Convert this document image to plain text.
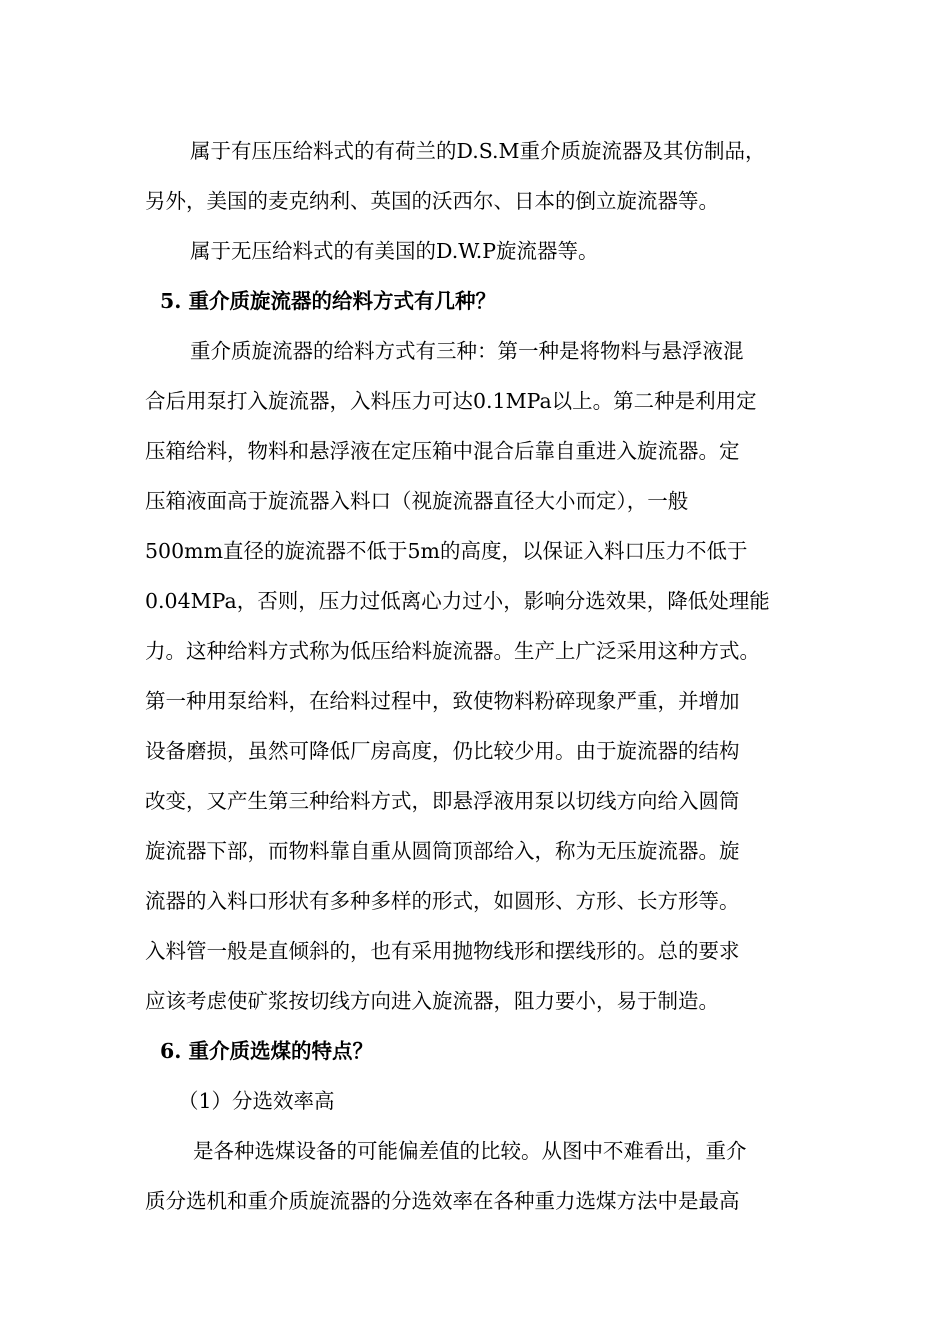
属于有压压给料式的有荷兰的D.S.M重介质旋流器及其仿制品，
另外，美国的麦克纳利、英国的沃西尔、日本的倒立旋流器等。
属于无压给料式的有美国的D.W.P旋流器等。
5. 重介质旋流器的给料方式有几种？
重介质旋流器的给料方式有三种：第一种是将物料与悬浮液混
合后用泵打入旋流器，入料压力可达0.1MPa以上。第二种是利用定
压箱给料，物料和悬浮液在定压箱中混合后靠自重进入旋流器。定
压箱液面高于旋流器入料口（视旋流器直径大小而定），一般
500mm直径的旋流器不低于5m的高度，以保证入料口压力不低于
0.04MPa，否则，压力过低离心力过小，影响分选效果，降低处理能
力。这种给料方式称为低压给料旋流器。生产上广泛采用这种方式。
第一种用泵给料，在给料过程中，致使物料粉碎现象严重，并增加
设备磨损，虽然可降低厂房高度，仍比较少用。由于旋流器的结构
改变，又产生第三种给料方式，即悬浮液用泵以切线方向给入圆筒
旋流器下部，而物料靠自重从圆筒顶部给入，称为无压旋流器。旋
流器的入料口形状有多种多样的形式，如圆形、方形、长方形等。
入料管一般是直倾斜的，也有采用抛物线形和摆线形的。总的要求
应该考虑使矿浆按切线方向进入旋流器，阻力要小，易于制造。
6. 重介质选煤的特点？
（1）分选效率高
是各种选煤设备的可能偏差值的比较。从图中不难看出，重介
质分选机和重介质旋流器的分选效率在各种重力选煤方法中是最高
